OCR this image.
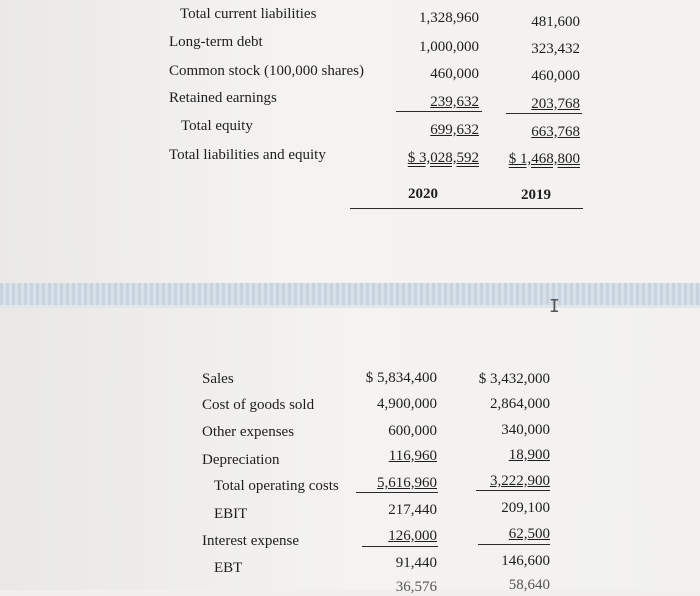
Total current liabilities
Long-term debt
Common stock (100,000 shares)
Retained earnings
Total equity
Total liabilities and equity
1,328,960
1,000,000
460,000
239,632
699,632
$ 3,028,592
481,600
323,432
460,000
203,768
663,768
$ 1,468,800
2020	2019
I
Sales
Cost of goods sold
Other expenses
Depreciation
Total operating costs
EBIT
Interest expense
EBT
$ 5,834,400
4,900,000
600,000
116,960
5,616,960
217,440
126,000
91,440
36,576
$ 3,432,000
2,864,000
340,000
18,900
3,222,900
209,100
62,500
146,600
58,640
